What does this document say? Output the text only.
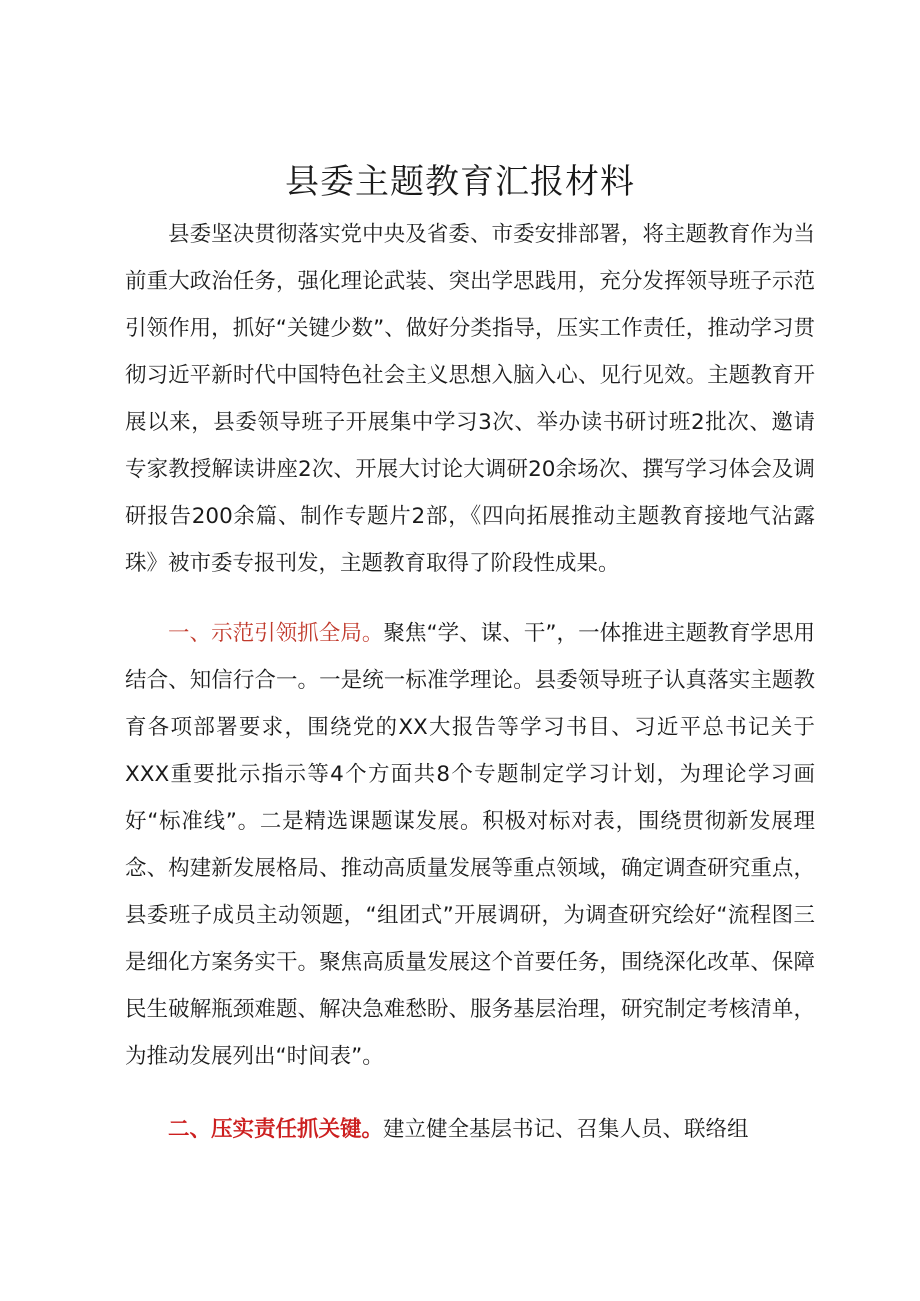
县委主题教育汇报材料

县委坚决贯彻落实党中央及省委、市委安排部署，将主题教育作为当前重大政治任务，强化理论武装、突出学思践用，充分发挥领导班子示范引领作用，抓好“关键少数”、做好分类指导，压实工作责任，推动学习贯彻习近平新时代中国特色社会主义思想入脑入心、见行见效。主题教育开展以来，县委领导班子开展集中学习3次、举办读书研讨班2批次、邀请专家教授解读讲座2次、开展大讨论大调研20余场次、撰写学习体会及调研报告200余篇、制作专题片2部，《四向拓展推动主题教育接地气沾露珠》被市委专报刊发，主题教育取得了阶段性成果。

一、示范引领抓全局。聚焦“学、谋、干”，一体推进主题教育学思用结合、知信行合一。一是统一标准学理论。县委领导班子认真落实主题教育各项部署要求，围绕党的XX大报告等学习书目、习近平总书记关于XXX重要批示指示等4个方面共8个专题制定学习计划，为理论学习画好“标准线”。二是精选课题谋发展。积极对标对表，围绕贯彻新发展理念、构建新发展格局、推动高质量发展等重点领域，确定调查研究重点，县委班子成员主动领题，“组团式”开展调研，为调查研究绘好“流程图三是细化方案务实干。聚焦高质量发展这个首要任务，围绕深化改革、保障民生破解瓶颈难题、解决急难愁盼、服务基层治理，研究制定考核清单，为推动发展列出“时间表”。

二、压实责任抓关键。建立健全基层书记、召集人员、联络组
